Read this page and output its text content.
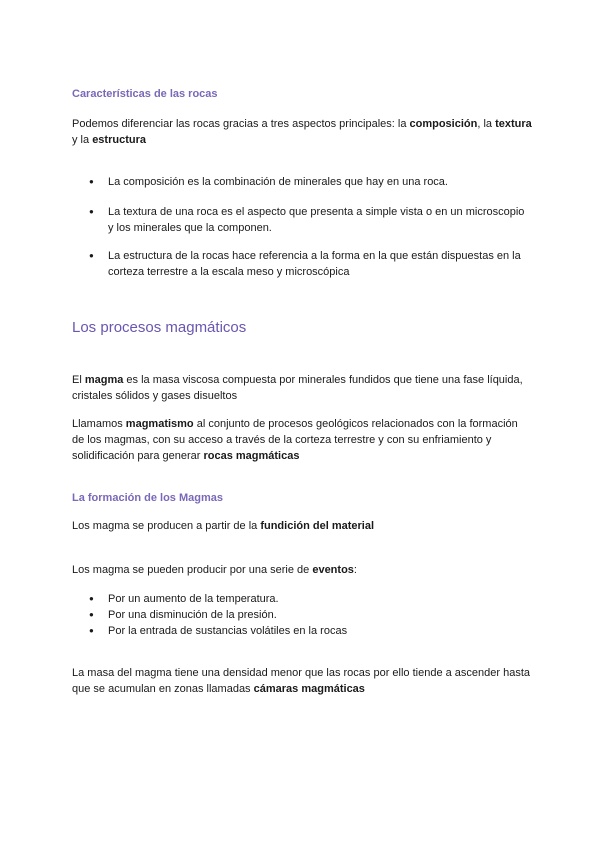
Características de las rocas

Podemos diferenciar las rocas gracias a tres aspectos principales: la composición, la textura y la estructura

● La composición es la combinación de minerales que hay en una roca.
● La textura de una roca es el aspecto que presenta a simple vista o en un microscopio y los minerales que la componen.
● La estructura de la rocas hace referencia a la forma en la que están dispuestas en la corteza terrestre a la escala meso y microscópica
Los procesos magmáticos

El magma es la masa viscosa compuesta por minerales fundidos que tiene una fase líquida, cristales sólidos y gases disueltos

Llamamos magmatismo al conjunto de procesos geológicos relacionados con la formación de los magmas, con su acceso a través de la corteza terrestre y con su enfriamiento y solidificación para generar rocas magmáticas

La formación de los Magmas

Los magma se producen a partir de la fundición del material

Los magma se pueden producir por una serie de eventos:

● Por un aumento de la temperatura.
● Por una disminución de la presión.
● Por la entrada de sustancias volátiles en la rocas

La masa del magma tiene una densidad menor que las rocas por ello tiende a ascender hasta que se acumulan en zonas llamadas cámaras magmáticas
